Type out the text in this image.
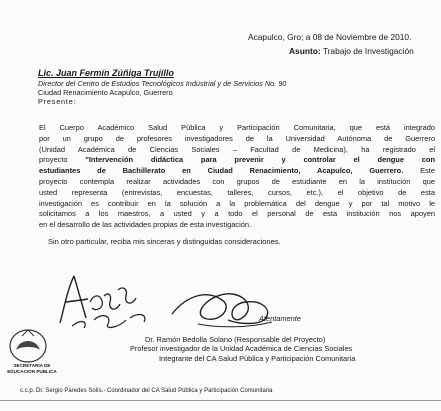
Acapulco, Gro; a 08 de Noviembre de 2010.
Asunto: Trabajo de Investigación
Lic. Juan Fermín Zúñiga Trujillo
Director del Centro de Estudios Tecnológicos Industrial y de Servicios No. 90
Ciudad Renacimiento Acapulco, Guerrero
Presente:
El Cuerpo Académico Salud Pública y Participación Comunitaria, que está integrado
por un grupo de profesores investigadores de la Universidad Autónoma de Guerrero
(Unidad Académica de Ciencias Sociales – Facultad de Medicina), ha registrado el
proyecto "Intervención didáctica para prevenir y controlar el dengue con
estudiantes de Bachillerato en Ciudad Renacimiento, Acapulco, Guerrero. Este
proyecto contempla realizar actividades con grupos de estudiante en la institución que
usted representa (entrevistas, encuestas, talleres, cursos, etc.), el objetivo de esta
investigación es contribuir en la solución a la problemática del dengue y por tal motivo le
solicitamos a los maestros, a usted y a todo el personal de esta institución nos apoyen
en el desarrollo de las actividades propias de esta investigación.
Sin otro particular, reciba mis sinceras y distinguidas consideraciones.
Atentamente
Dr. Ramón Bedolla Solano (Responsable del Proyecto)
Profesor investigador de la Unidad Académica de Ciencias Sociales
Integrante del CA Salud Pública y Participación Comunitaria
SECRETARIA DE
EDUCACION PUBLICA
c.c.p. Dr. Sergio Paredes Solís.- Coordinador del CA Salud Pública y Participación Comunitaria
